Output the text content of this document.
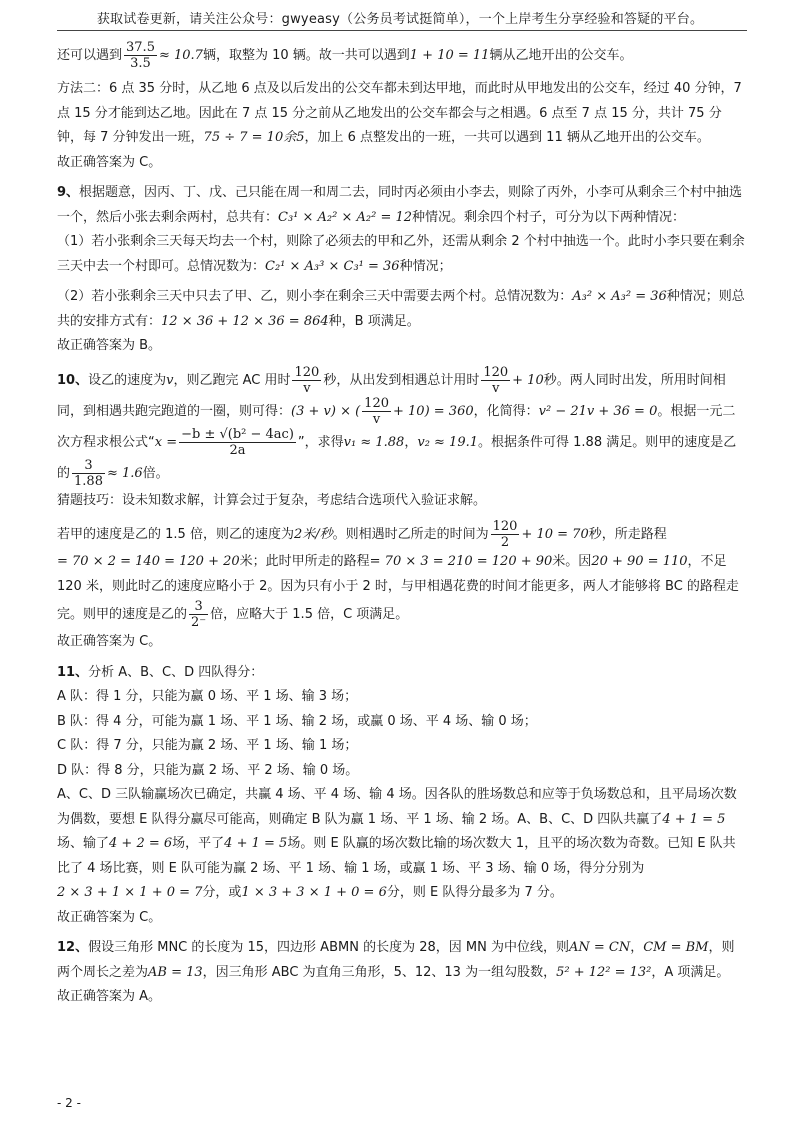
获取试卷更新，请关注公众号：gwyeasy（公务员考试挺简单），一个上岸考生分享经验和答疑的平台。

还可以遇到 $\frac{37.5}{3.5} \approx 10.7$辆，取整为 10 辆。故一共可以遇到1 + 10 = 11辆从乙地开出的公交车。

方法二：6 点 35 分时，从乙地 6 点及以后发出的公交车都未到达甲地，而此时从甲地发出的公交车，经过 40 分钟，7 点 15 分才能到达乙地。因此在 7 点 15 分之前从乙地发出的公交车都会与之相遇。6 点至 7 点 15 分，共计 75 分钟，每 7 分钟发出一班，75 ÷ 7 = 10余5，加上 6 点整发出的一班，一共可以遇到 11 辆从乙地开出的公交车。

故正确答案为 C。

9、根据题意，因丙、丁、戊、己只能在周一和周二去，同时丙必须由小李去，则除了丙外，小李可从剩余三个村中抽选一个，然后小张去剩余两村，总共有：C₃¹ × A₂² × A₂² = 12种情况。剩余四个村子，可分为以下两种情况：

（1）若小张剩余三天每天均去一个村，则除了必须去的甲和乙外，还需从剩余 2 个村中抽选一个。此时小李只要在剩余三天中去一个村即可。总情况数为：C₂¹ × A₃³ × C₃¹ = 36种情况；

（2）若小张剩余三天中只去了甲、乙，则小李在剩余三天中需要去两个村。总情况数为：A₃² × A₃² = 36种情况；则总共的安排方式有：12 × 36 + 12 × 36 = 864种，B 项满足。

故正确答案为 B。

10、设乙的速度为v，则乙跑完 AC 用时 $\frac{120}{v}$ 秒，从出发到相遇总计用时 $\frac{120}{v} + 10$秒。两人同时出发，所用时间相同，到相遇共跑完跑道的一圈，则可得：(3 + v) × ( $\frac{120}{v} + 10) = 360$，化简得：v² − 21v + 36 = 0。根据一元二次方程求根公式“$x = \frac{\text{−b ± √(b² − 4ac)}}{2a}$ ”，求得v₁ ≈ 1.88，v₂ ≈ 19.1。根据条件可得 1.88 满足。则甲的速度是乙的 $\frac{3}{1.88} \approx 1.6$倍。

猜题技巧：设未知数求解，计算会过于复杂，考虑结合选项代入验证求解。

若甲的速度是乙的 1.5 倍，则乙的速度为2米/秒。则相遇时乙所走的时间为 $\frac{120}{2} + 10 = 70$秒，所走路程= 70 × 2 = 140 = 120 + 20米；此时甲所走的路程= 70 × 3 = 210 = 120 + 90米。因20 + 90 = 110，不足 120 米，则此时乙的速度应略小于 2。因为只有小于 2 时，与甲相遇花费的时间才能更多，两人才能够将 BC 的路程走完。则甲的速度是乙的 $\frac{3}{2^-}$ 倍，应略大于 1.5 倍，C 项满足。

故正确答案为 C。

11、分析 A、B、C、D 四队得分：

A 队：得 1 分，只能为赢 0 场、平 1 场、输 3 场；

B 队：得 4 分，可能为赢 1 场、平 1 场、输 2 场，或赢 0 场、平 4 场、输 0 场；

C 队：得 7 分，只能为赢 2 场、平 1 场、输 1 场；

D 队：得 8 分，只能为赢 2 场、平 2 场、输 0 场。

A、C、D 三队输赢场次已确定，共赢 4 场、平 4 场、输 4 场。因各队的胜场数总和应等于负场数总和，且平局场次数为偶数，要想 E 队得分赢尽可能高，则确定 B 队为赢 1 场、平 1 场、输 2 场。A、B、C、D 四队共赢了4 + 1 = 5场、输了4 + 2 = 6场，平了4 + 1 = 5场。则 E 队赢的场次数比输的场次数大 1，且平的场次数为奇数。已知 E 队共比了 4 场比赛，则 E 队可能为赢 2 场、平 1 场、输 1 场，或赢 1 场、平 3 场、输 0 场，得分分别为2 × 3 + 1 × 1 + 0 = 7分，或1 × 3 + 3 × 1 + 0 = 6分，则 E 队得分最多为 7 分。

故正确答案为 C。

12、假设三角形 MNC 的长度为 15，四边形 ABMN 的长度为 28，因 MN 为中位线，则AN = CN，CM = BM，则两个周长之差为AB = 13，因三角形 ABC 为直角三角形，5、12、13 为一组勾股数，5² + 12² = 13²，A 项满足。

故正确答案为 A。

- 2 -
